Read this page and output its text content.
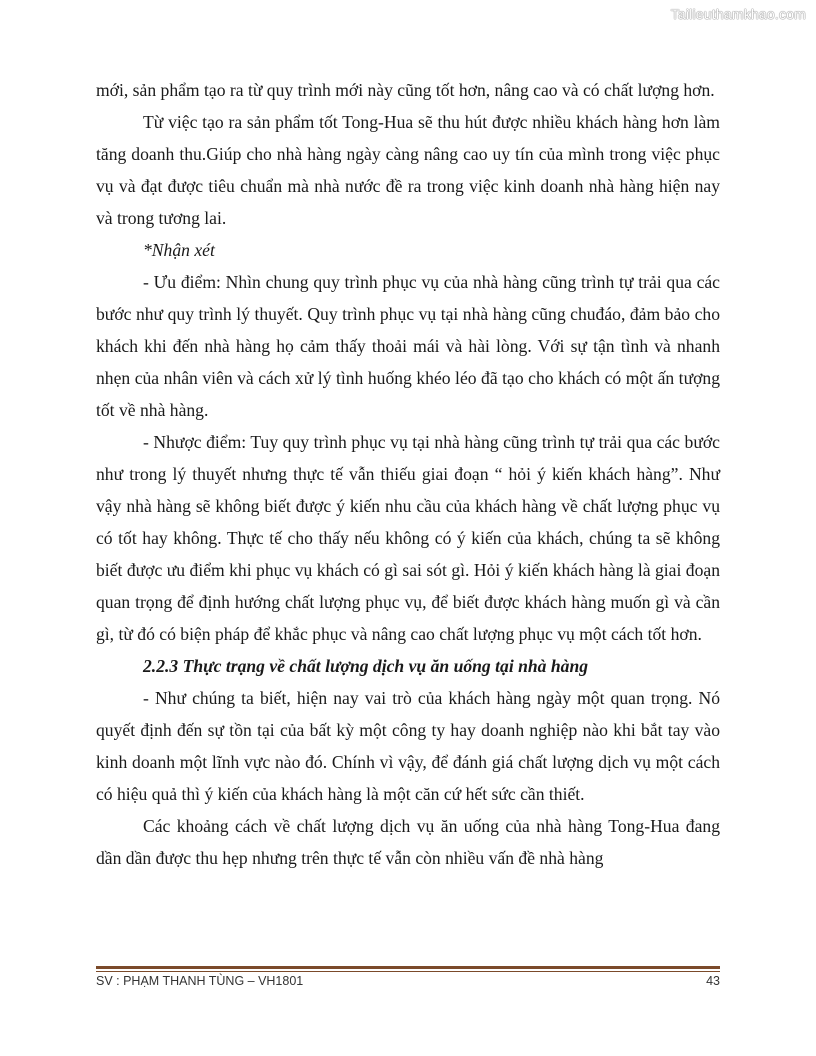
Tailieuthamkhao.com

mới, sản phẩm tạo ra từ quy trình mới này cũng tốt hơn, nâng cao và có chất lượng hơn.

Từ việc tạo ra sản phẩm tốt Tong-Hua sẽ thu hút được nhiều khách hàng hơn làm tăng doanh thu.Giúp cho nhà hàng ngày càng nâng cao uy tín của mình trong việc phục vụ và đạt được tiêu chuẩn mà nhà nước đề ra trong việc kinh doanh nhà hàng hiện nay và trong tương lai.

*Nhận xét

- Ưu điểm: Nhìn chung quy trình phục vụ của nhà hàng cũng trình tự trải qua các bước như quy trình lý thuyết. Quy trình phục vụ tại nhà hàng cũng chuđáo, đảm bảo cho khách khi đến nhà hàng họ cảm thấy thoải mái và hài lòng. Với sự tận tình và nhanh nhẹn của nhân viên và cách xử lý tình huống khéo léo đã tạo cho khách có một ấn tượng tốt về nhà hàng.

- Nhược điểm: Tuy quy trình phục vụ tại nhà hàng cũng trình tự trải qua các bước như trong lý thuyết nhưng thực tế vẫn thiếu giai đoạn “ hỏi ý kiến khách hàng”. Như vậy nhà hàng sẽ không biết được ý kiến nhu cầu của khách hàng về chất lượng phục vụ có tốt hay không. Thực tế cho thấy nếu không có ý kiến của khách, chúng ta sẽ không biết được ưu điểm khi phục vụ khách có gì sai sót gì. Hỏi ý kiến khách hàng là giai đoạn quan trọng để định hướng chất lượng phục vụ, để biết được khách hàng muốn gì và cần gì, từ đó có biện pháp để khắc phục và nâng cao chất lượng phục vụ một cách tốt hơn.

2.2.3 Thực trạng về chất lượng dịch vụ ăn uống tại nhà hàng

- Như chúng ta biết, hiện nay vai trò của khách hàng ngày một quan trọng. Nó quyết định đến sự tồn tại của bất kỳ một công ty hay doanh nghiệp nào khi bắt tay vào kinh doanh một lĩnh vực nào đó. Chính vì vậy, để đánh giá chất lượng dịch vụ một cách có hiệu quả thì ý kiến của khách hàng là một căn cứ hết sức cần thiết.

Các khoảng cách về chất lượng dịch vụ ăn uống của nhà hàng Tong-Hua đang dần dần được thu hẹp nhưng trên thực tế vẫn còn nhiều vấn đề nhà hàng

SV : PHẠM THANH TÙNG – VH1801	43
